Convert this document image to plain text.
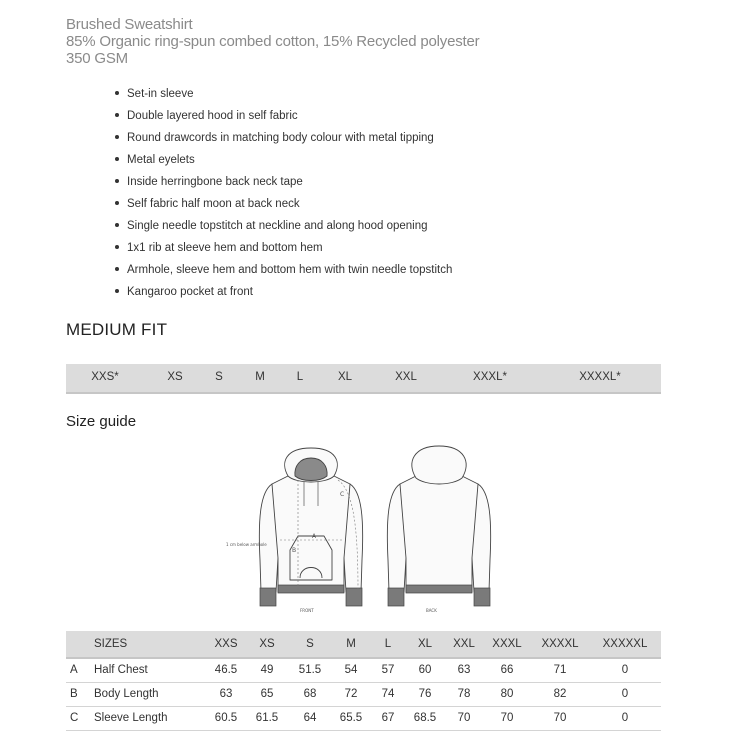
Brushed Sweatshirt
85% Organic ring-spun combed cotton, 15% Recycled polyester
350 GSM
Set-in sleeve
Double layered hood in self fabric
Round drawcords in matching body colour with metal tipping
Metal eyelets
Inside herringbone back neck tape
Self fabric half moon at back neck
Single needle topstitch at neckline and along hood opening
1x1 rib at sleeve hem and bottom hem
Armhole, sleeve hem and bottom hem with twin needle topstitch
Kangaroo pocket at front
MEDIUM FIT
XXS*	XS	S	M	L	XL	XXL	XXXL*	XXXXL*
Size guide
A
B
C
1 cm below armhole
FRONT	BACK
SIZES	XXS XS	S	M	L XL XXL XXXL XXXXL XXXXXL
A Half Chest	46.5 49 51.5 54 57 60 63	66	71	0
B Body Length	63 65	68 72 74 76 78	80	82	0
C Sleeve Length	60.5 61.5 64 65.5 67 68.5 70	70	70	0
